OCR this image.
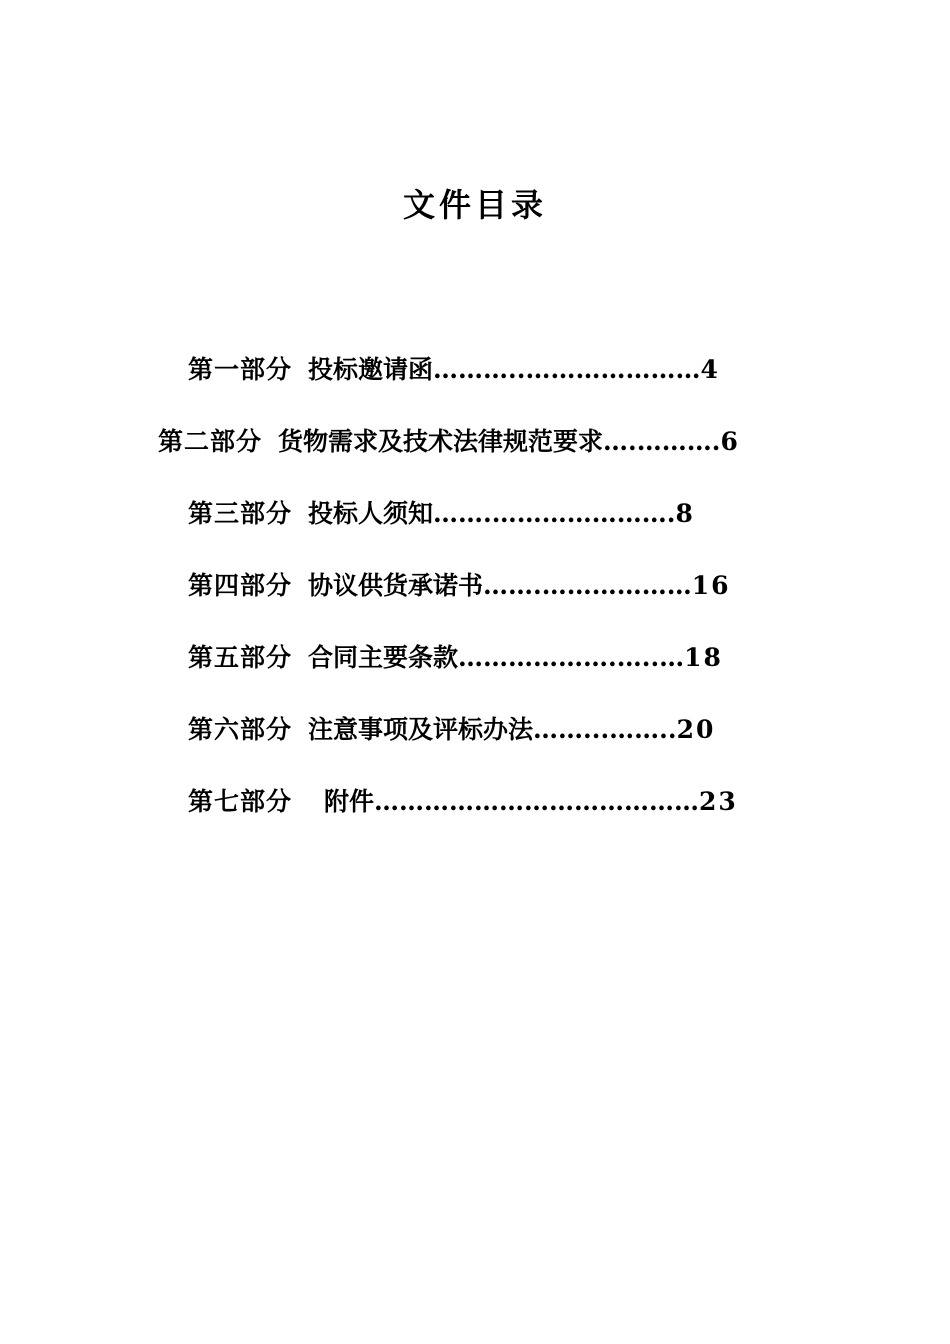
文件目录
第一部分 投标邀请函………..…………………4
第二部分 货物需求及技术法律规范要求….……….6
第三部分 投标人须知…….………………….8
第四部分 协议供货承诺书…….………………16
第五部分 合同主要条款……………….…..…18
第六部分 注意事项及评标办法……...……..20
第七部分 附件…………………………………23
